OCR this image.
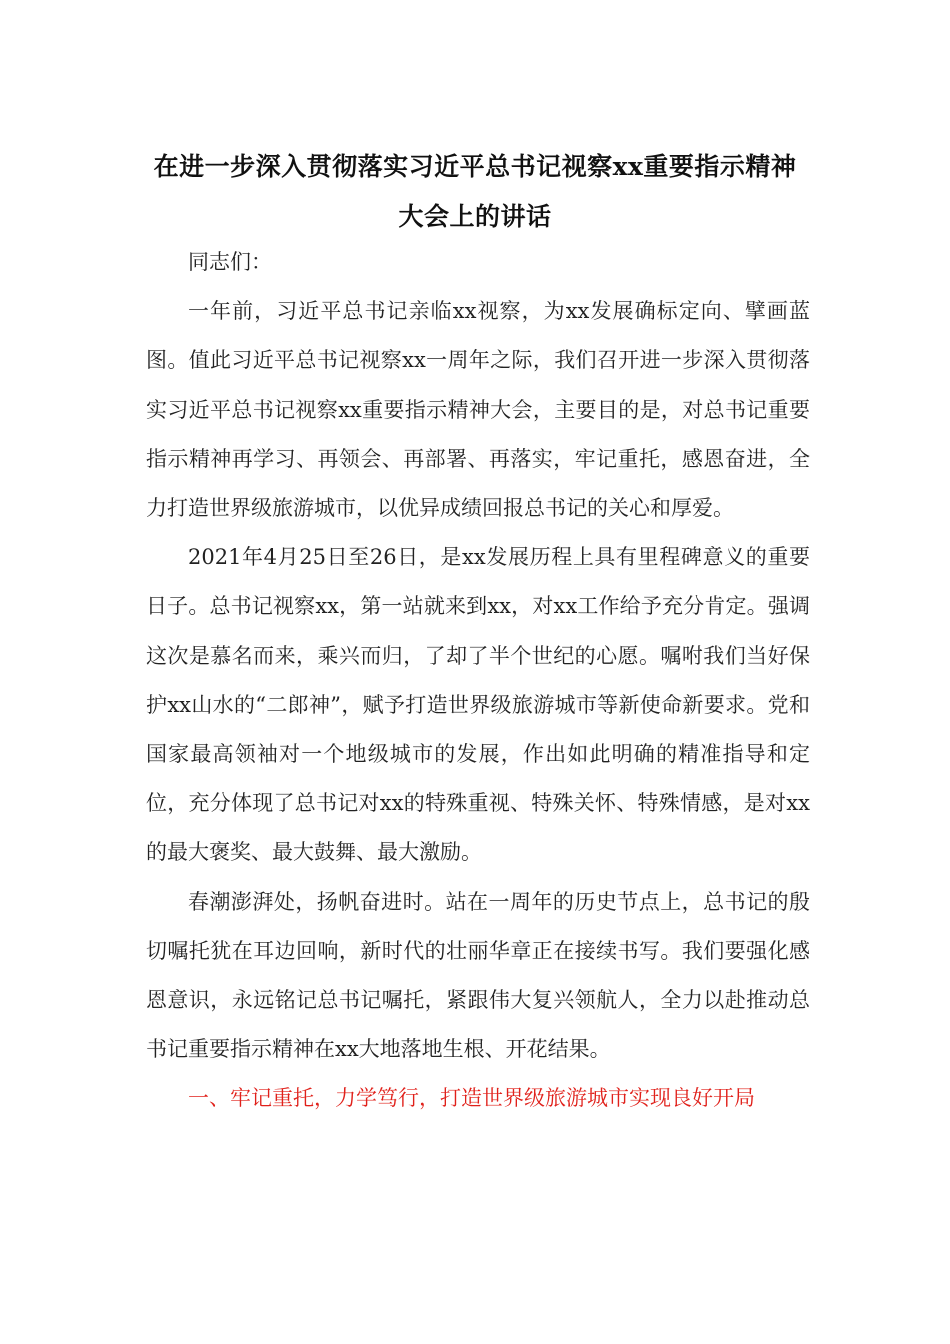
在进一步深入贯彻落实习近平总书记视察xx重要指示精神
大会上的讲话

同志们：

一年前，习近平总书记亲临xx视察，为xx发展确标定向、擘画蓝图。值此习近平总书记视察xx一周年之际，我们召开进一步深入贯彻落实习近平总书记视察xx重要指示精神大会，主要目的是，对总书记重要指示精神再学习、再领会、再部署、再落实，牢记重托，感恩奋进，全力打造世界级旅游城市，以优异成绩回报总书记的关心和厚爱。

2021年4月25日至26日，是xx发展历程上具有里程碑意义的重要日子。总书记视察xx，第一站就来到xx，对xx工作给予充分肯定。强调这次是慕名而来，乘兴而归，了却了半个世纪的心愿。嘱咐我们当好保护xx山水的“二郎神”，赋予打造世界级旅游城市等新使命新要求。党和国家最高领袖对一个地级城市的发展，作出如此明确的精准指导和定位，充分体现了总书记对xx的特殊重视、特殊关怀、特殊情感，是对xx的最大褒奖、最大鼓舞、最大激励。

春潮澎湃处，扬帆奋进时。站在一周年的历史节点上，总书记的殷切嘱托犹在耳边回响，新时代的壮丽华章正在接续书写。我们要强化感恩意识，永远铭记总书记嘱托，紧跟伟大复兴领航人，全力以赴推动总书记重要指示精神在xx大地落地生根、开花结果。

一、牢记重托，力学笃行，打造世界级旅游城市实现良好开局
